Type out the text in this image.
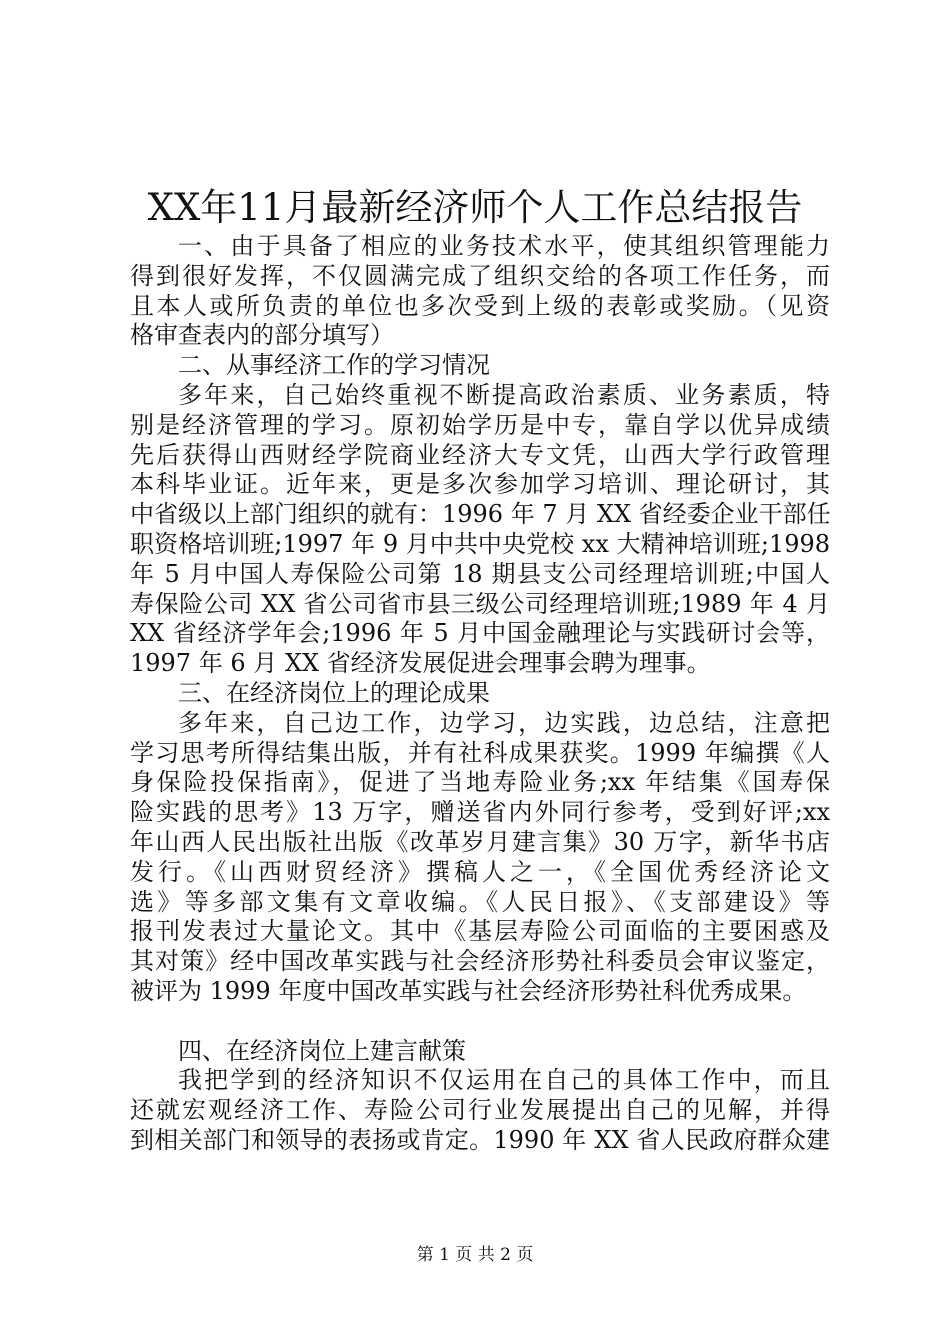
XX年11月最新经济师个人工作总结报告
一、由于具备了相应的业务技术水平，使其组织管理能力
得到很好发挥，不仅圆满完成了组织交给的各项工作任务，而
且本人或所负责的单位也多次受到上级的表彰或奖励。（见资
格审查表内的部分填写）
二、从事经济工作的学习情况
多年来，自己始终重视不断提高政治素质、业务素质，特
别是经济管理的学习。原初始学历是中专，靠自学以优异成绩
先后获得山西财经学院商业经济大专文凭，山西大学行政管理
本科毕业证。近年来，更是多次参加学习培训、理论研讨，其
中省级以上部门组织的就有：1996 年 7 月 XX 省经委企业干部任
职资格培训班;1997 年 9 月中共中央党校 xx 大精神培训班;1998
年 5 月中国人寿保险公司第 18 期县支公司经理培训班;中国人
寿保险公司 XX 省公司省市县三级公司经理培训班;1989 年 4 月
XX 省经济学年会;1996 年 5 月中国金融理论与实践研讨会等，
1997 年 6 月 XX 省经济发展促进会理事会聘为理事。
三、在经济岗位上的理论成果
多年来，自己边工作，边学习，边实践，边总结，注意把
学习思考所得结集出版，并有社科成果获奖。1999 年编撰《人
身保险投保指南》，促进了当地寿险业务;xx 年结集《国寿保
险实践的思考》13 万字，赠送省内外同行参考，受到好评;xx
年山西人民出版社出版《改革岁月建言集》30 万字，新华书店
发行。《山西财贸经济》撰稿人之一，《全国优秀经济论文
选》等多部文集有文章收编。《人民日报》、《支部建设》等
报刊发表过大量论文。其中《基层寿险公司面临的主要困惑及
其对策》经中国改革实践与社会经济形势社科委员会审议鉴定，
被评为 1999 年度中国改革实践与社会经济形势社科优秀成果。
四、在经济岗位上建言献策
我把学到的经济知识不仅运用在自己的具体工作中，而且
还就宏观经济工作、寿险公司行业发展提出自己的见解，并得
到相关部门和领导的表扬或肯定。1990 年 XX 省人民政府群众建
第 1 页 共 2 页
